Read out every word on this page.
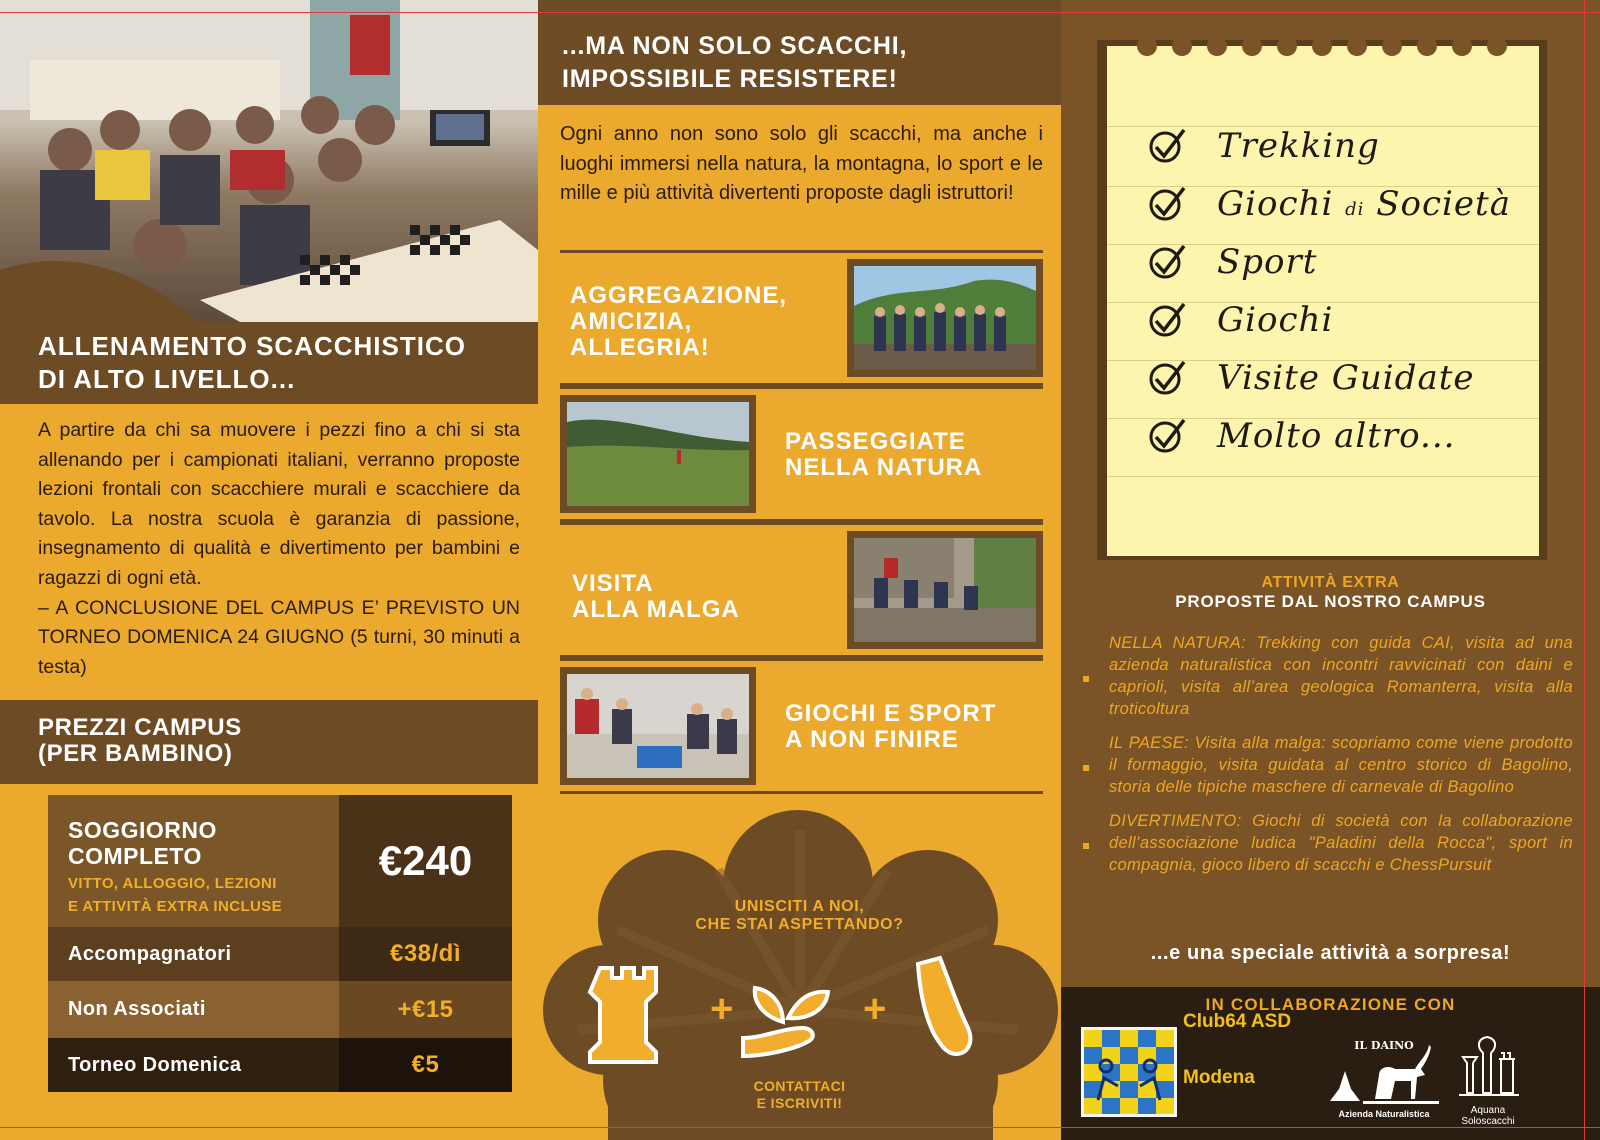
ALLENAMENTO SCACCHISTICO
DI ALTO LIVELLO...

A partire da chi sa muovere i pezzi fino a chi si sta allenando per i campionati italiani, verranno proposte lezioni frontali con scacchiere murali e scacchiere da tavolo. La nostra scuola è garanzia di passione, insegnamento di qualità e divertimento per bambini e ragazzi di ogni età.

– A CONCLUSIONE DEL CAMPUS E’ PREVISTO UN TORNEO DOMENICA 24 GIUGNO (5 turni, 30 minuti a testa)

PREZZI CAMPUS
(PER BAMBINO)
SOGGIORNO
COMPLETO
VITTO, ALLOGGIO, LEZIONI
E ATTIVITÀ EXTRA INCLUSE
€240
Accompagnatori	€38/dì
Non Associati	+€15
Torneo Domenica	€5
...MA NON SOLO SCACCHI,
IMPOSSIBILE RESISTERE!
Ogni anno non sono solo gli scacchi, ma anche i luoghi immersi nella natura, la montagna, lo sport e le mille e più attività divertenti proposte dagli istruttori!
AGGREGAZIONE,
AMICIZIA,
ALLEGRIA!
PASSEGGIATE
NELLA NATURA
VISITA
ALLA MALGA
GIOCHI E SPORT
A NON FINIRE
UNISCITI A NOI,
CHE STAI ASPETTANDO?
+	+
CONTATTACI
E ISCRIVITI!
Trekking
Giochi di Società
Sport
Giochi
Visite Guidate
Molto altro...
ATTIVITÀ EXTRA
PROPOSTE DAL NOSTRO CAMPUS
NELLA NATURA: Trekking con guida CAI, visita ad una azienda naturalistica con incontri ravvicinati con daini e caprioli, visita all’area geologica Romanterra, visita alla troticoltura
IL PAESE: Visita alla malga: scopriamo come viene prodotto il formaggio, visita guidata al centro storico di Bagolino, storia delle tipiche maschere di carnevale di Bagolino
DIVERTIMENTO: Giochi di società con la collaborazione dell’associazione ludica "Paladini della Rocca", sport in compagnia, gioco libero di scacchi e ChessPursuit
...e una speciale attività a sorpresa!
IN COLLABORAZIONE CON
Club64 ASD
Modena
IL DAINO
Azienda Naturalistica	Aquana
Soloscacchi
